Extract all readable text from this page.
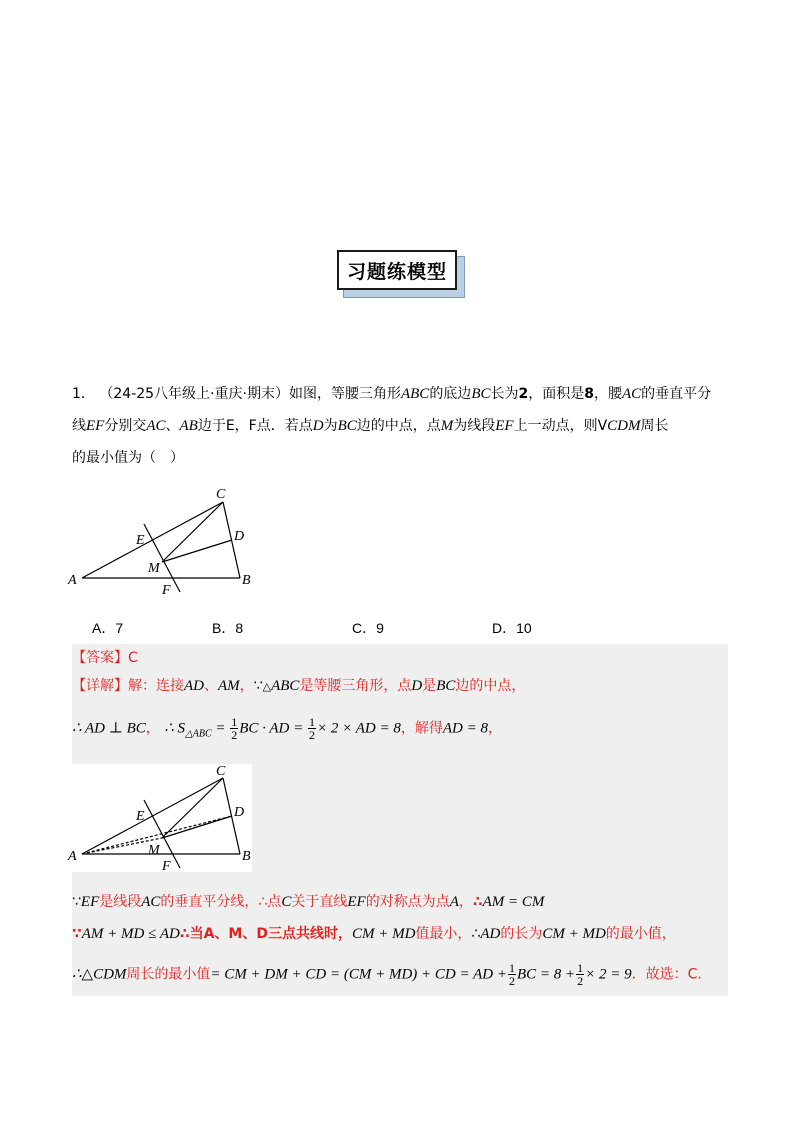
习题练模型
1． （24-25八年级上·重庆·期末）如图，等腰三角形ABC的底边BC长为2，面积是8，腰AC的垂直平分
线EF分别交AC、AB边于E，F点．若点D为BC边的中点，点M为线段EF上一动点，则VCDM周长
的最小值为（　）
A	B
C
D
E
F
M
A．7	B．8	C．9	D．10
【答案】C
【详解】解：连接AD、AM，∵△ABC是等腰三角形，点D是BC边的中点，
∴ AD ⊥ BC， ∴ $S_{\triangle ABC} = \frac{1}{2}$ BC · AD = $\frac{1}{2} \times 2$ × AD = 8，解得AD = 8，
A	B
C
D
E
F
M
∵EF是线段AC的垂直平分线，∴点C关于直线EF的对称点为点A，∴AM = CM
∵AM + MD ≤ AD∴当A、M、D三点共线时，CM + MD值最小，∴AD的长为CM + MD的最小值，
∴△CDM周长的最小值= CM + DM + CD = (CM + MD) + CD = AD + $\frac{1}{2}$ BC = $8 + \frac{1}{2} \times 2 = 9$．故选：C.
